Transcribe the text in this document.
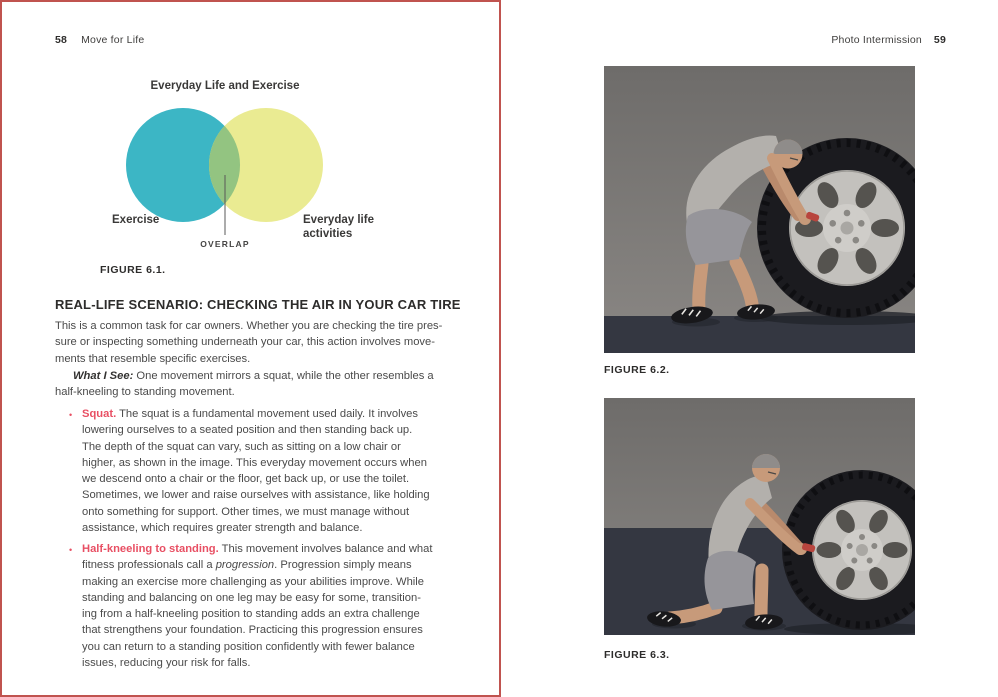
58 Move for Life	Photo Intermission 59
Everyday Life and Exercise
Exercise	Everyday life
activities
OVERLAP
FIGURE 6.1.
REAL-LIFE SCENARIO: CHECKING THE AIR IN YOUR CAR TIRE
This is a common task for car owners. Whether you are checking the tire pres-
sure or inspecting something underneath your car, this action involves move-
ments that resemble specific exercises.
What I See: One movement mirrors a squat, while the other resembles a
half-kneeling to standing movement.
• Squat. The squat is a fundamental movement used daily. It involves
lowering ourselves to a seated position and then standing back up.
The depth of the squat can vary, such as sitting on a low chair or
higher, as shown in the image. This everyday movement occurs when
we descend onto a chair or the floor, get back up, or use the toilet.
Sometimes, we lower and raise ourselves with assistance, like holding
onto something for support. Other times, we must manage without
assistance, which requires greater strength and balance.
• Half-kneeling to standing. This movement involves balance and what
fitness professionals call a progression. Progression simply means
making an exercise more challenging as your abilities improve. While
standing and balancing on one leg may be easy for some, transition-
ing from a half-kneeling position to standing adds an extra challenge
that strengthens your foundation. Practicing this progression ensures
you can return to a standing position confidently with fewer balance
issues, reducing your risk for falls.
FIGURE 6.2.
FIGURE 6.3.
